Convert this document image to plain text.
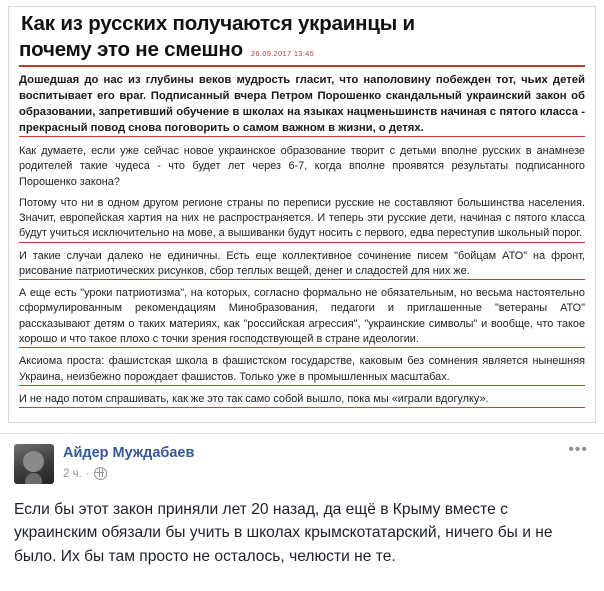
Как из русских получаются украинцы и
почему это не смешно 26.09.2017 13:45

Дошедшая до нас из глубины веков мудрость гласит, что наполовину побежден тот, чьих детей воспитывает его враг. Подписанный вчера Петром Порошенко скандальный украинский закон об образовании, запретивший обучение в школах на языках нацменьшинств начиная с пятого класса - прекрасный повод снова поговорить о самом важном в жизни, о детях.

Как думаете, если уже сейчас новое украинское образование творит с детьми вполне русских в анамнезе родителей такие чудеса - что будет лет через 6-7, когда вполне проявятся результаты подписанного Порошенко закона?

Потому что ни в одном другом регионе страны по переписи русские не составляют большинства населения. Значит, европейская хартия на них не распространяется. И теперь эти русские дети, начиная с пятого класса будут учиться исключительно на мове, а вышиванки будут носить с первого, едва переступив школьный порог.

И такие случаи далеко не единичны. Есть еще коллективное сочинение писем "бойцам АТО" на фронт, рисование патриотических рисунков, сбор теплых вещей, денег и сладостей для них же.

А еще есть "уроки патриотизма", на которых, согласно формально не обязательным, но весьма настоятельно сформулированным рекомендациям Минобразования, педагоги и приглашенные "ветераны АТО" рассказывают детям о таких материях, как "российская агрессия", "украинские символы" и вообще, что такое хорошо и что такое плохо с точки зрения господствующей в стране идеологии.

Аксиома проста: фашистская школа в фашистском государстве, каковым без сомнения является нынешняя Украина, неизбежно порождает фашистов. Только уже в промышленных масштабах.

И не надо потом спрашивать, как же это так само собой вышло, пока мы «играли вдогулку».

Айдер Муждабаев
2 ч. ·
•••
Если бы этот закон приняли лет 20 назад, да ещё в Крыму вместе с украинским обязали бы учить в школах крымскотатарский, ничего бы и не было. Их бы там просто не осталось, челюсти не те.
